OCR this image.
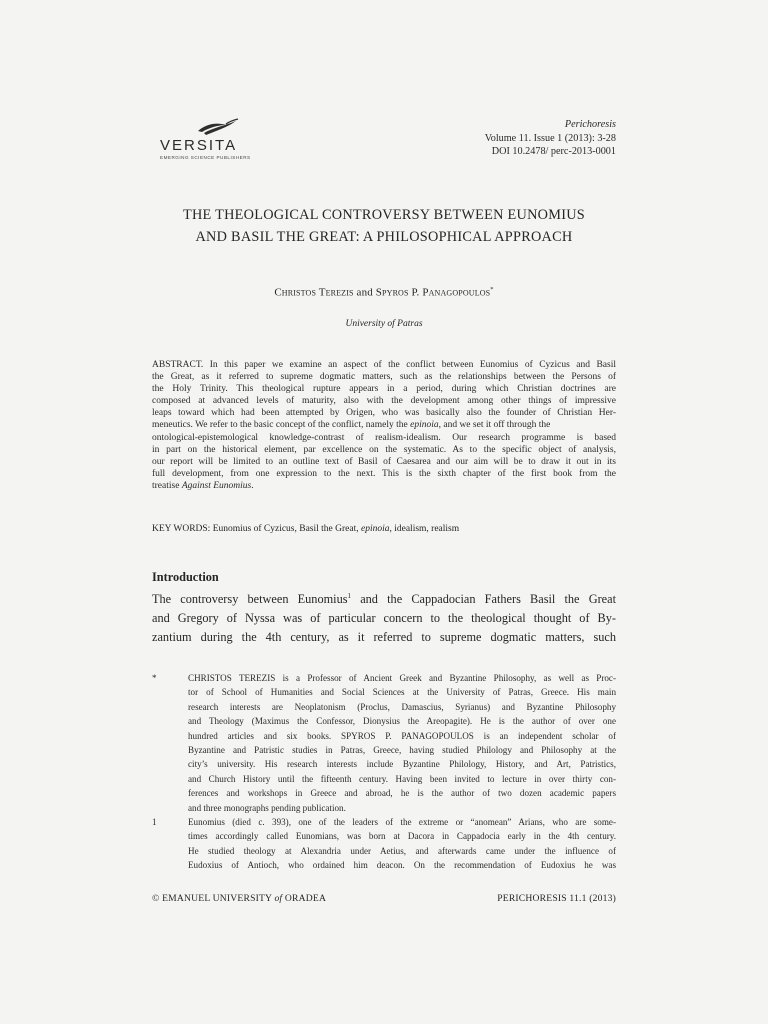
VERSITA
EMERGING SCIENCE PUBLISHERS
Perichoresis
Volume 11. Issue 1 (2013): 3-28
DOI 10.2478/ perc-2013-0001
THE THEOLOGICAL CONTROVERSY BETWEEN EUNOMIUS
AND BASIL THE GREAT: A PHILOSOPHICAL APPROACH
Christos Terezis and Spyros P. Panagopoulos*
University of Patras
ABSTRACT. In this paper we examine an aspect of the conflict between Eunomius of Cyzicus and Basil
the Great, as it referred to supreme dogmatic matters, such as the relationships between the Persons of
the Holy Trinity. This theological rupture appears in a period, during which Christian doctrines are
composed at advanced levels of maturity, also with the development among other things of impressive
leaps toward which had been attempted by Origen, who was basically also the founder of Christian Her-
meneutics. We refer to the basic concept of the conflict, namely the epinoia, and we set it off through the
ontological-epistemological knowledge-contrast of realism-idealism. Our research programme is based
in part on the historical element, par excellence on the systematic. As to the specific object of analysis,
our report will be limited to an outline text of Basil of Caesarea and our aim will be to draw it out in its
full development, from one expression to the next. This is the sixth chapter of the first book from the
treatise Against Eunomius.
KEY WORDS: Eunomius of Cyzicus, Basil the Great, epinoia, idealism, realism
Introduction
The controversy between Eunomius$^1$ and the Cappadocian Fathers Basil the Great
and Gregory of Nyssa was of particular concern to the theological thought of By-
zantium during the 4th century, as it referred to supreme dogmatic matters, such
*	CHRISTOS TEREZIS is a Professor of Ancient Greek and Byzantine Philosophy, as well as Proc-
tor of School of Humanities and Social Sciences at the University of Patras, Greece. His main
research interests are Neoplatonism (Proclus, Damascius, Syrianus) and Byzantine Philosophy
and Theology (Maximus the Confessor, Dionysius the Areopagite). He is the author of over one
hundred articles and six books. SPYROS P. PANAGOPOULOS is an independent scholar of
Byzantine and Patristic studies in Patras, Greece, having studied Philology and Philosophy at the
city’s university. His research interests include Byzantine Philology, History, and Art, Patristics,
and Church History until the fifteenth century. Having been invited to lecture in over thirty con-
ferences and workshops in Greece and abroad, he is the author of two dozen academic papers
and three monographs pending publication.
1	Eunomius (died c. 393), one of the leaders of the extreme or “anomean” Arians, who are some-
times accordingly called Eunomians, was born at Dacora in Cappadocia early in the 4th century.
He studied theology at Alexandria under Aetius, and afterwards came under the influence of
Eudoxius of Antioch, who ordained him deacon. On the recommendation of Eudoxius he was
© EMANUEL UNIVERSITY of ORADEA	PERICHORESIS 11.1 (2013)
